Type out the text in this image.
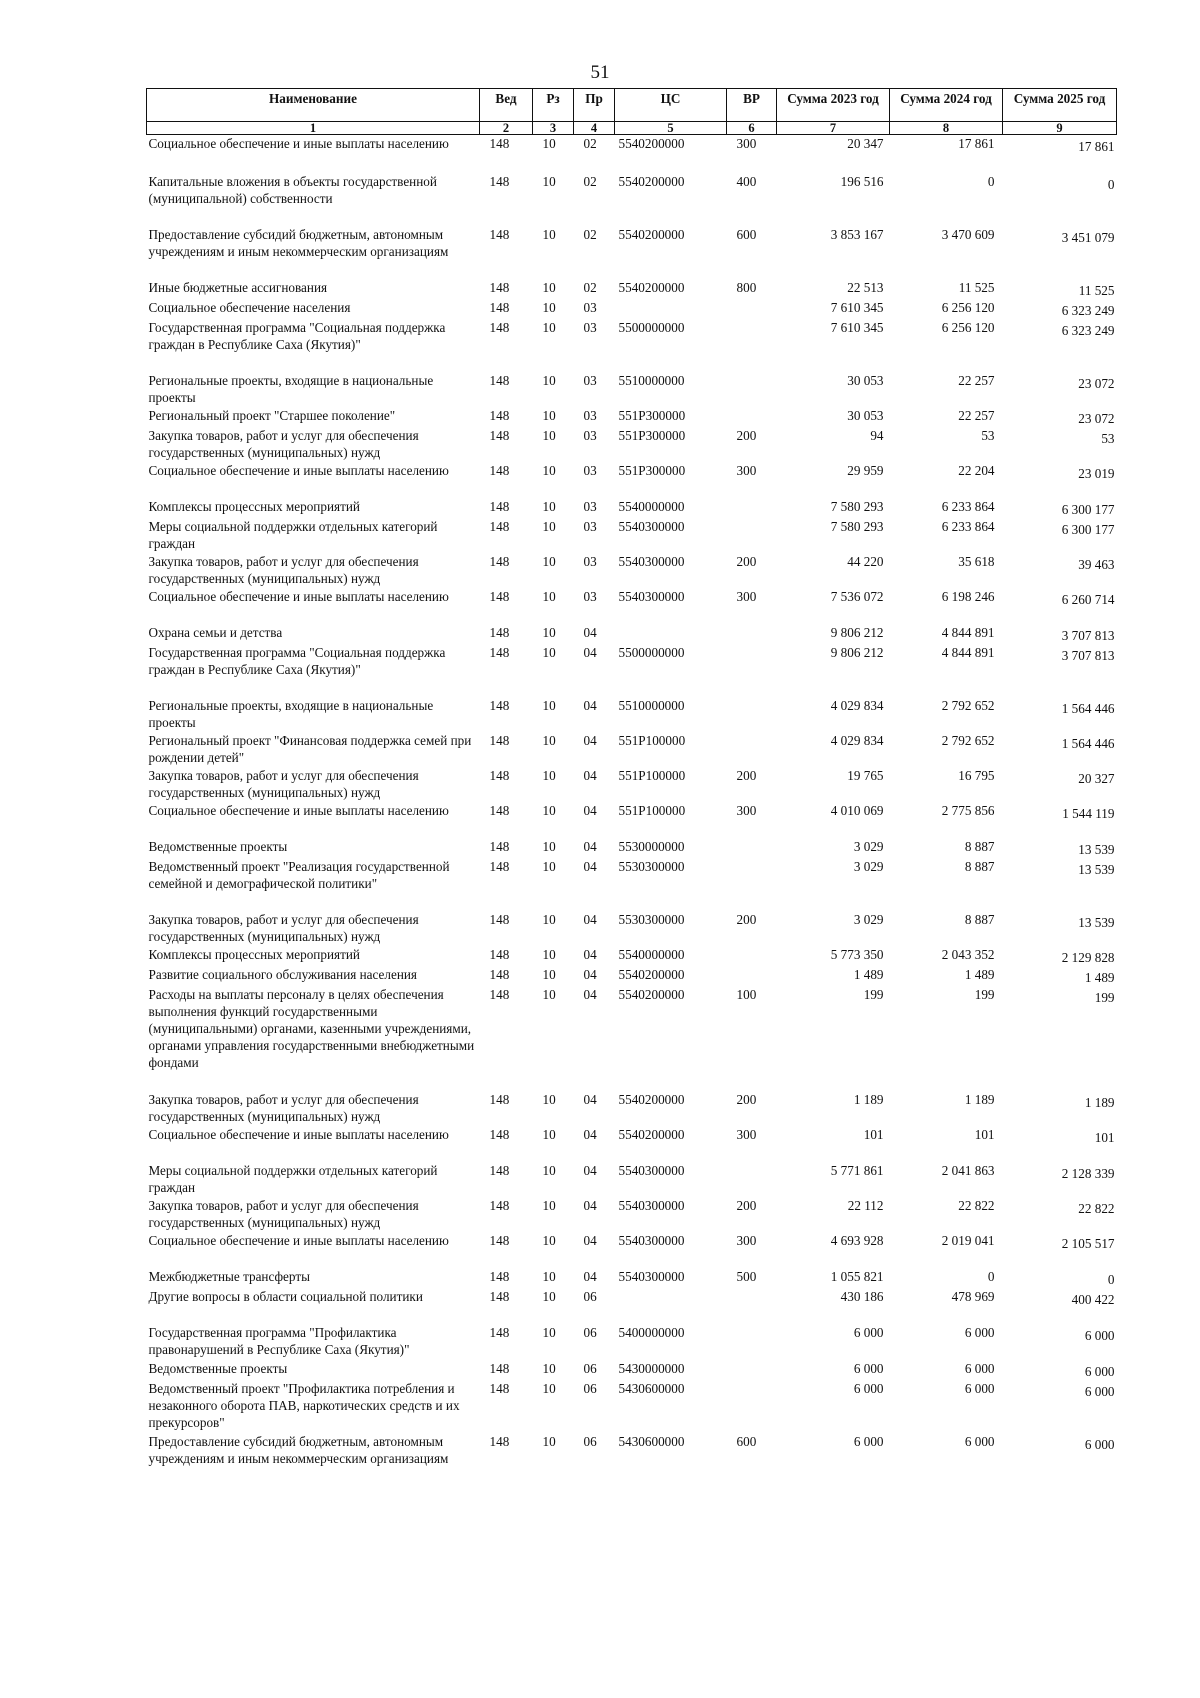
51
Наименование	Вед	Рз	Пр	ЦС	ВР	Сумма 2023 год	Сумма 2024 год	Сумма 2025 год
1	2	3	4	5	6	7	8	9
Социальное обеспечение и иные выплаты населению	148	10	02	5540200000	300	20 347	17 861	17 861
Капитальные вложения в объекты государственной (муниципальной) собственности	148	10	02	5540200000	400	196 516	0	0
Предоставление субсидий бюджетным, автономным учреждениям и иным некоммерческим организациям	148	10	02	5540200000	600	3 853 167	3 470 609	3 451 079
Иные бюджетные ассигнования	148	10	02	5540200000	800	22 513	11 525	11 525
Социальное обеспечение населения	148	10	03			7 610 345	6 256 120	6 323 249
Государственная программа "Социальная поддержка граждан в Республике Саха (Якутия)"	148	10	03	5500000000		7 610 345	6 256 120	6 323 249
Региональные проекты, входящие в национальные проекты	148	10	03	5510000000		30 053	22 257	23 072
Региональный проект "Старшее поколение"	148	10	03	551P300000		30 053	22 257	23 072
Закупка товаров, работ и услуг для обеспечения государственных (муниципальных) нужд	148	10	03	551P300000	200	94	53	53
Социальное обеспечение и иные выплаты населению	148	10	03	551P300000	300	29 959	22 204	23 019
Комплексы процессных мероприятий	148	10	03	5540000000		7 580 293	6 233 864	6 300 177
Меры социальной поддержки отдельных категорий граждан	148	10	03	5540300000		7 580 293	6 233 864	6 300 177
Закупка товаров, работ и услуг для обеспечения государственных (муниципальных) нужд	148	10	03	5540300000	200	44 220	35 618	39 463
Социальное обеспечение и иные выплаты населению	148	10	03	5540300000	300	7 536 072	6 198 246	6 260 714
Охрана семьи и детства	148	10	04			9 806 212	4 844 891	3 707 813
Государственная программа "Социальная поддержка граждан в Республике Саха (Якутия)"	148	10	04	5500000000		9 806 212	4 844 891	3 707 813
Региональные проекты, входящие в национальные проекты	148	10	04	5510000000		4 029 834	2 792 652	1 564 446
Региональный проект "Финансовая поддержка семей при рождении детей"	148	10	04	551P100000		4 029 834	2 792 652	1 564 446
Закупка товаров, работ и услуг для обеспечения государственных (муниципальных) нужд	148	10	04	551P100000	200	19 765	16 795	20 327
Социальное обеспечение и иные выплаты населению	148	10	04	551P100000	300	4 010 069	2 775 856	1 544 119
Ведомственные проекты	148	10	04	5530000000		3 029	8 887	13 539
Ведомственный проект "Реализация государственной семейной и демографической политики"	148	10	04	5530300000		3 029	8 887	13 539
Закупка товаров, работ и услуг для обеспечения государственных (муниципальных) нужд	148	10	04	5530300000	200	3 029	8 887	13 539
Комплексы процессных мероприятий	148	10	04	5540000000		5 773 350	2 043 352	2 129 828
Развитие социального обслуживания населения	148	10	04	5540200000		1 489	1 489	1 489
Расходы на выплаты персоналу в целях обеспечения выполнения функций государственными (муниципальными) органами, казенными учреждениями, органами управления государственными внебюджетными фондами	148	10	04	5540200000	100	199	199	199
Закупка товаров, работ и услуг для обеспечения государственных (муниципальных) нужд	148	10	04	5540200000	200	1 189	1 189	1 189
Социальное обеспечение и иные выплаты населению	148	10	04	5540200000	300	101	101	101
Меры социальной поддержки отдельных категорий граждан	148	10	04	5540300000		5 771 861	2 041 863	2 128 339
Закупка товаров, работ и услуг для обеспечения государственных (муниципальных) нужд	148	10	04	5540300000	200	22 112	22 822	22 822
Социальное обеспечение и иные выплаты населению	148	10	04	5540300000	300	4 693 928	2 019 041	2 105 517
Межбюджетные трансферты	148	10	04	5540300000	500	1 055 821	0	0
Другие вопросы в области социальной политики	148	10	06			430 186	478 969	400 422
Государственная программа "Профилактика правонарушений в Республике Саха (Якутия)"	148	10	06	5400000000		6 000	6 000	6 000
Ведомственные проекты	148	10	06	5430000000		6 000	6 000	6 000
Ведомственный проект "Профилактика потребления и незаконного оборота ПАВ, наркотических средств и их прекурсоров"	148	10	06	5430600000		6 000	6 000	6 000
Предоставление субсидий бюджетным, автономным учреждениям и иным некоммерческим организациям	148	10	06	5430600000	600	6 000	6 000	6 000
